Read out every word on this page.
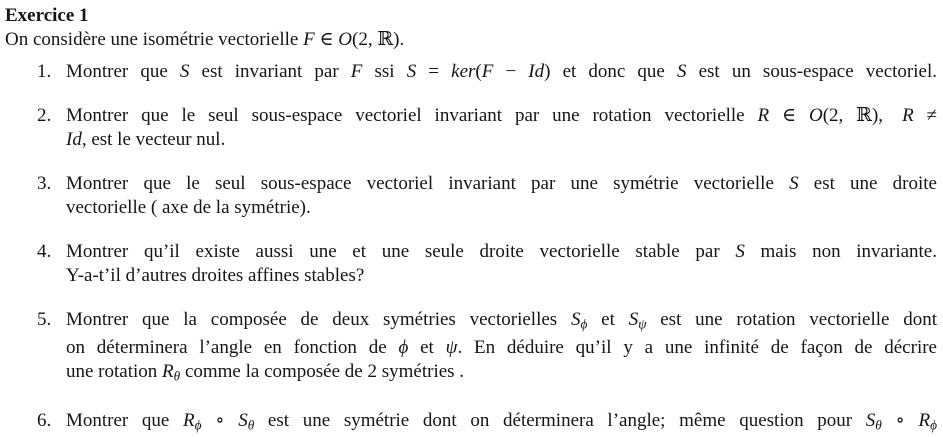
Exercice 1
On considère une isométrie vectorielle F ∈ O(2, ℝ).
1. Montrer que S est invariant par F ssi S = ker(F − Id) et donc que S est un sous-espace vectoriel.
2. Montrer que le seul sous-espace vectoriel invariant par une rotation vectorielle R ∈ O(2, ℝ), R ≠
Id, est le vecteur nul.
3. Montrer que le seul sous-espace vectoriel invariant par une symétrie vectorielle S est une droite
vectorielle ( axe de la symétrie).
4. Montrer qu’il existe aussi une et une seule droite vectorielle stable par S mais non invariante.
Y-a-t’il d’autres droites affines stables?
5. Montrer que la composée de deux symétries vectorielles Sϕ et Sψ est une rotation vectorielle dont
on déterminera l’angle en fonction de ϕ et ψ. En déduire qu’il y a une infinité de façon de décrire
une rotation Rθ comme la composée de 2 symétries .
6. Montrer que Rϕ ∘ Sθ est une symétrie dont on déterminera l’angle; même question pour Sθ ∘ Rϕ
